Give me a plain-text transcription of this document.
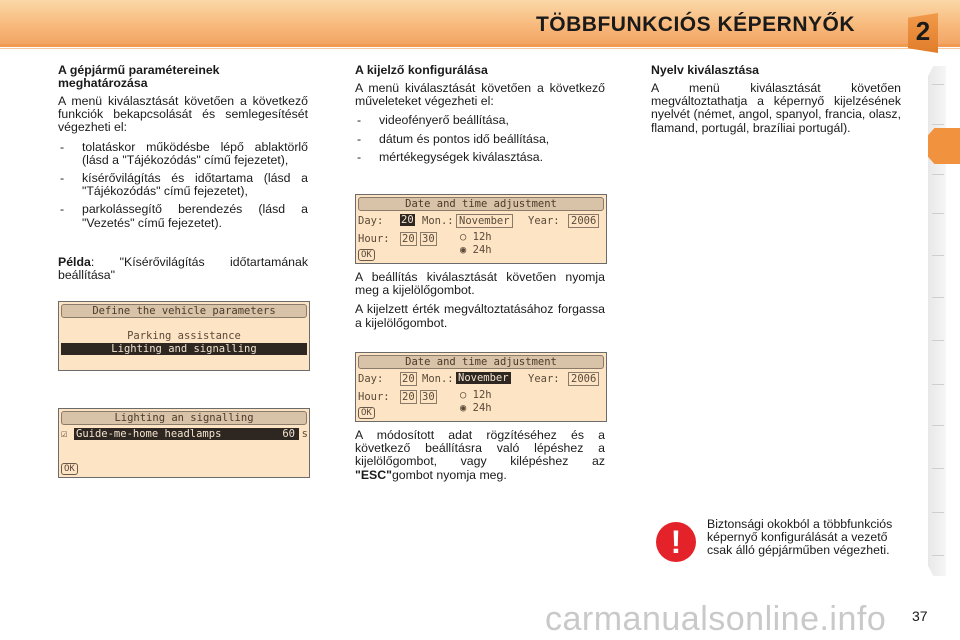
TÖBBFUNKCIÓS KÉPERNYŐK 2
A gépjármű paramétereinek meghatározása

A menü kiválasztását követően a következő funkciók bekapcsolását és semlegesítését végezheti el:

- tolatáskor működésbe lépő ablaktörlő (lásd a "Tájékozódás" című fejezetet),
- kísérővilágítás és időtartama (lásd a "Tájékozódás" című fejezetet),
- parkolássegítő berendezés (lásd a "Vezetés" című fejezetet).

Példa: "Kísérővilágítás időtartamának beállítása"

Define the vehicle parameters
Parking assistance
Lighting and signalling
Lighting an signalling
☑ Guide-me-home headlamps	60 s
OK
A kijelző konfigurálása

A menü kiválasztását követően a következő műveleteket végezheti el:

- videofényerő beállítása,
- dátum és pontos idő beállítása,
- mértékegységek kiválasztása.
Date and time adjustment
Day: 20 Mon.: November Year: 2006
Hour: 20 30 ○ 12h
◉ 24h
OK

A beállítás kiválasztását követően nyomja meg a kijelölőgombot.

A kijelzett érték megváltoztatásához forgassa a kijelölőgombot.

Date and time adjustment
Day: 20 Mon.: November Year: 2006
Hour: 20 30 ○ 12h
◉ 24h
OK

A módosított adat rögzítéséhez és a következő beállításra való lépéshez a kijelölőgombot, vagy kilépéshez az "ESC"gombot nyomja meg.

Nyelv kiválasztása

A menü kiválasztását követően megváltoztathatja a képernyő kijelzésének nyelvét (német, angol, spanyol, francia, olasz, flamand, portugál, brazíliai portugál).

!	Biztonsági okokból a többfunkciós képernyő konfigurálását a vezető csak álló gépjárműben végezheti.

carmanualsonline.info 37
